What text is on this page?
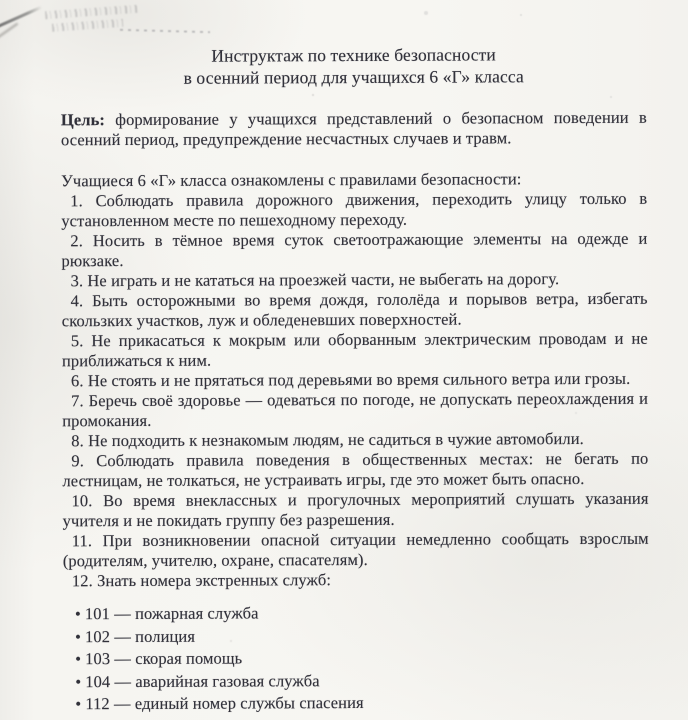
Инструктаж по технике безопасности
в осенний период для учащихся 6 «Г» класса

Цель: формирование у учащихся представлений о безопасном поведении в осенний период, предупреждение несчастных случаев и травм.

Учащиеся 6 «Г» класса ознакомлены с правилами безопасности:

1. Соблюдать правила дорожного движения, переходить улицу только в установленном месте по пешеходному переходу.

2. Носить в тёмное время суток светоотражающие элементы на одежде и рюкзаке.

3. Не играть и не кататься на проезжей части, не выбегать на дорогу.

4. Быть осторожными во время дождя, гололёда и порывов ветра, избегать скользких участков, луж и обледеневших поверхностей.

5. Не прикасаться к мокрым или оборванным электрическим проводам и не приближаться к ним.

6. Не стоять и не прятаться под деревьями во время сильного ветра или грозы.

7. Беречь своё здоровье — одеваться по погоде, не допускать переохлаждения и промокания.

8. Не подходить к незнакомым людям, не садиться в чужие автомобили.

9. Соблюдать правила поведения в общественных местах: не бегать по лестницам, не толкаться, не устраивать игры, где это может быть опасно.

10. Во время внеклассных и прогулочных мероприятий слушать указания учителя и не покидать группу без разрешения.

11. При возникновении опасной ситуации немедленно сообщать взрослым (родителям, учителю, охране, спасателям).

12. Знать номера экстренных служб:

• 101 — пожарная служба

• 102 — полиция

• 103 — скорая помощь

• 104 — аварийная газовая служба

• 112 — единый номер службы спасения
